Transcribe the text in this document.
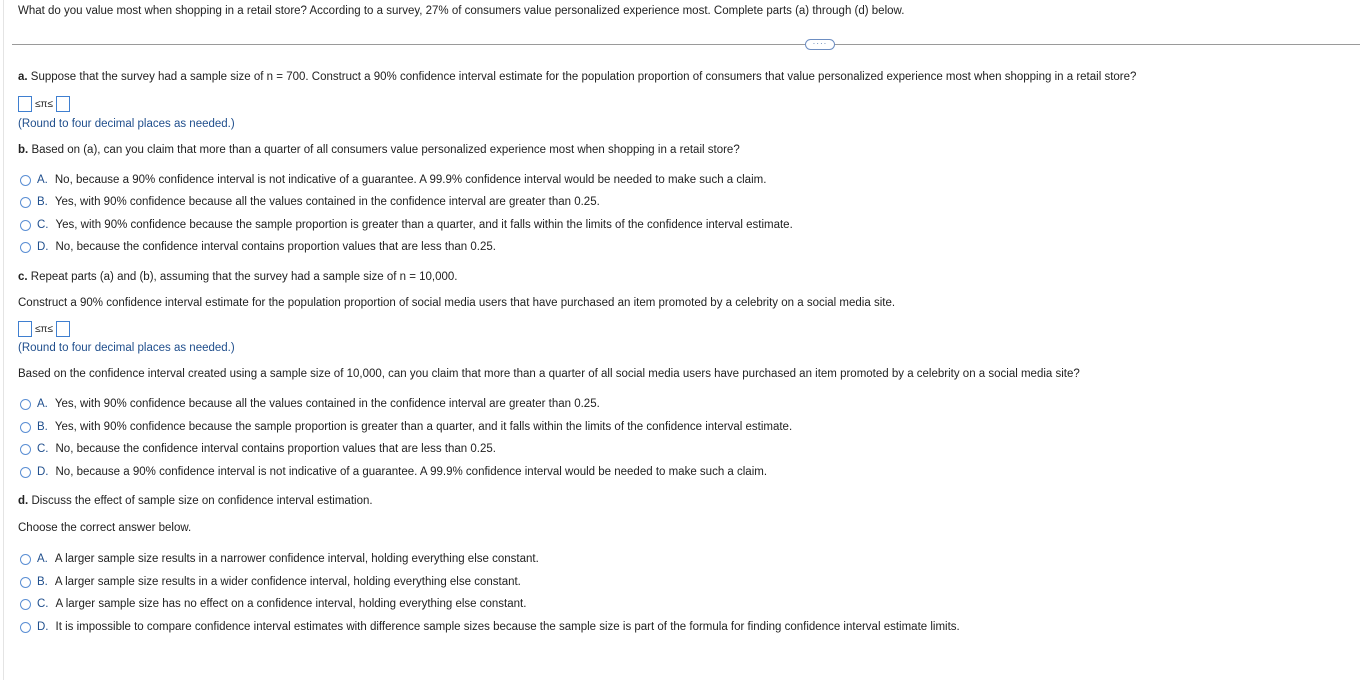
What do you value most when shopping in a retail store? According to a survey, 27% of consumers value personalized experience most. Complete parts (a) through (d) below.
····
a. Suppose that the survey had a sample size of n = 700. Construct a 90% confidence interval estimate for the population proportion of consumers that value personalized experience most when shopping in a retail store?
≤π≤
(Round to four decimal places as needed.)
b. Based on (a), can you claim that more than a quarter of all consumers value personalized experience most when shopping in a retail store?
A. No, because a 90% confidence interval is not indicative of a guarantee. A 99.9% confidence interval would be needed to make such a claim.
B. Yes, with 90% confidence because all the values contained in the confidence interval are greater than 0.25.
C. Yes, with 90% confidence because the sample proportion is greater than a quarter, and it falls within the limits of the confidence interval estimate.
D. No, because the confidence interval contains proportion values that are less than 0.25.
c. Repeat parts (a) and (b), assuming that the survey had a sample size of n = 10,000.
Construct a 90% confidence interval estimate for the population proportion of social media users that have purchased an item promoted by a celebrity on a social media site.
≤π≤
(Round to four decimal places as needed.)
Based on the confidence interval created using a sample size of 10,000, can you claim that more than a quarter of all social media users have purchased an item promoted by a celebrity on a social media site?
A. Yes, with 90% confidence because all the values contained in the confidence interval are greater than 0.25.
B. Yes, with 90% confidence because the sample proportion is greater than a quarter, and it falls within the limits of the confidence interval estimate.
C. No, because the confidence interval contains proportion values that are less than 0.25.
D. No, because a 90% confidence interval is not indicative of a guarantee. A 99.9% confidence interval would be needed to make such a claim.
d. Discuss the effect of sample size on confidence interval estimation.
Choose the correct answer below.
A. A larger sample size results in a narrower confidence interval, holding everything else constant.
B. A larger sample size results in a wider confidence interval, holding everything else constant.
C. A larger sample size has no effect on a confidence interval, holding everything else constant.
D. It is impossible to compare confidence interval estimates with difference sample sizes because the sample size is part of the formula for finding confidence interval estimate limits.
